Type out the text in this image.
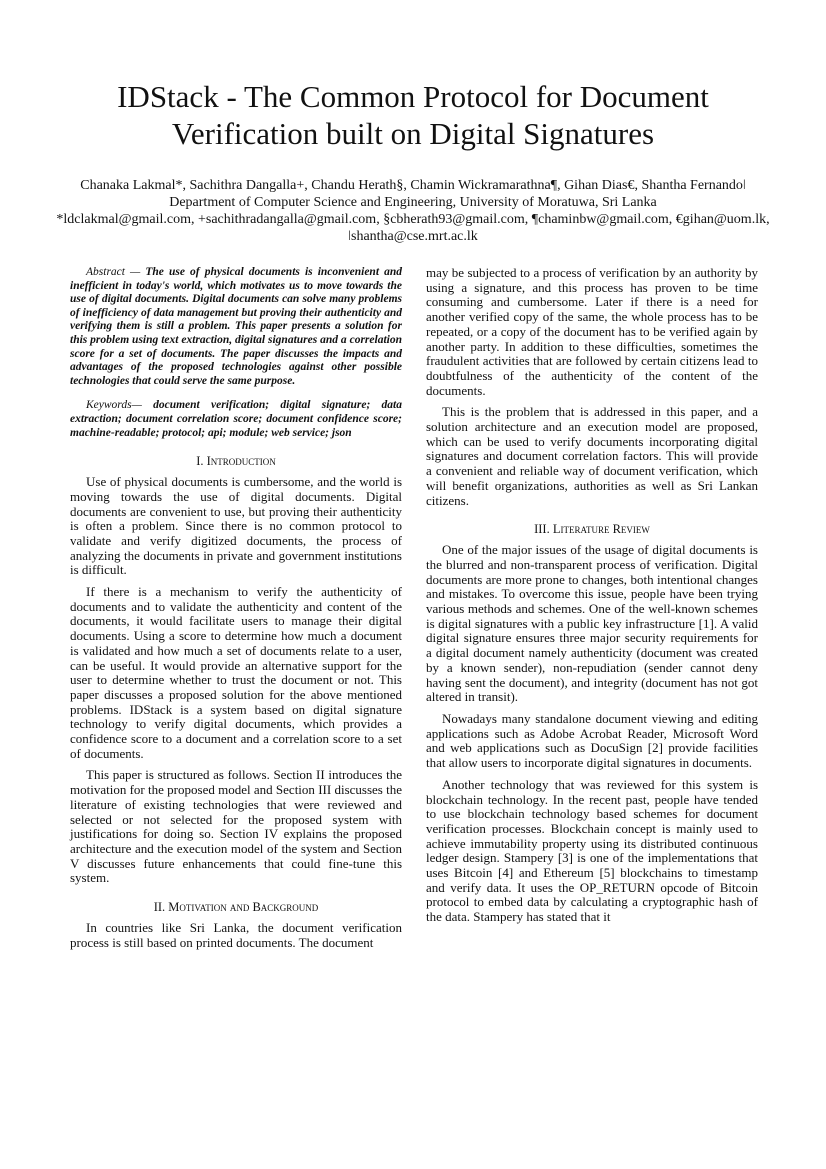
IDStack - The Common Protocol for Document Verification built on Digital Signatures
Chanaka Lakmal*, Sachithra Dangalla+, Chandu Herath§, Chamin Wickramarathna¶, Gihan Dias€, Shantha Fernandoǀ
Department of Computer Science and Engineering, University of Moratuwa, Sri Lanka
*ldclakmal@gmail.com, +sachithradangalla@gmail.com, §cbherath93@gmail.com, ¶chaminbw@gmail.com, €gihan@uom.lk,
ǀshantha@cse.mrt.ac.lk

Abstract — The use of physical documents is inconvenient and inefficient in today's world, which motivates us to move towards the use of digital documents. Digital documents can solve many problems of inefficiency of data management but proving their authenticity and verifying them is still a problem. This paper presents a solution for this problem using text extraction, digital signatures and a correlation score for a set of documents. The paper discusses the impacts and advantages of the proposed technologies against other possible technologies that could serve the same purpose.

Keywords— document verification; digital signature; data extraction; document correlation score; document confidence score; machine-readable; protocol; api; module; web service; json

I. Introduction

Use of physical documents is cumbersome, and the world is moving towards the use of digital documents. Digital documents are convenient to use, but proving their authenticity is often a problem. Since there is no common protocol to validate and verify digitized documents, the process of analyzing the documents in private and government institutions is difficult.

If there is a mechanism to verify the authenticity of documents and to validate the authenticity and content of the documents, it would facilitate users to manage their digital documents. Using a score to determine how much a document is validated and how much a set of documents relate to a user, can be useful. It would provide an alternative support for the user to determine whether to trust the document or not. This paper discusses a proposed solution for the above mentioned problems. IDStack is a system based on digital signature technology to verify digital documents, which provides a confidence score to a document and a correlation score to a set of documents.

This paper is structured as follows. Section II introduces the motivation for the proposed model and Section III discusses the literature of existing technologies that were reviewed and selected or not selected for the proposed system with justifications for doing so. Section IV explains the proposed architecture and the execution model of the system and Section V discusses future enhancements that could fine-tune this system.

II. Motivation and Background

In countries like Sri Lanka, the document verification process is still based on printed documents. The document

may be subjected to a process of verification by an authority by using a signature, and this process has proven to be time consuming and cumbersome. Later if there is a need for another verified copy of the same, the whole process has to be repeated, or a copy of the document has to be verified again by another party. In addition to these difficulties, sometimes the fraudulent activities that are followed by certain citizens lead to doubtfulness of the authenticity of the content of the documents.

This is the problem that is addressed in this paper, and a solution architecture and an execution model are proposed, which can be used to verify documents incorporating digital signatures and document correlation factors. This will provide a convenient and reliable way of document verification, which will benefit organizations, authorities as well as Sri Lankan citizens.

III. Literature Review

One of the major issues of the usage of digital documents is the blurred and non-transparent process of verification. Digital documents are more prone to changes, both intentional changes and mistakes. To overcome this issue, people have been trying various methods and schemes. One of the well-known schemes is digital signatures with a public key infrastructure [1]. A valid digital signature ensures three major security requirements for a digital document namely authenticity (document was created by a known sender), non-repudiation (sender cannot deny having sent the document), and integrity (document has not got altered in transit).

Nowadays many standalone document viewing and editing applications such as Adobe Acrobat Reader, Microsoft Word and web applications such as DocuSign [2] provide facilities that allow users to incorporate digital signatures in documents.

Another technology that was reviewed for this system is blockchain technology. In the recent past, people have tended to use blockchain technology based schemes for document verification processes. Blockchain concept is mainly used to achieve immutability property using its distributed continuous ledger design. Stampery [3] is one of the implementations that uses Bitcoin [4] and Ethereum [5] blockchains to timestamp and verify data. It uses the OP_RETURN opcode of Bitcoin protocol to embed data by calculating a cryptographic hash of the data. Stampery has stated that it
